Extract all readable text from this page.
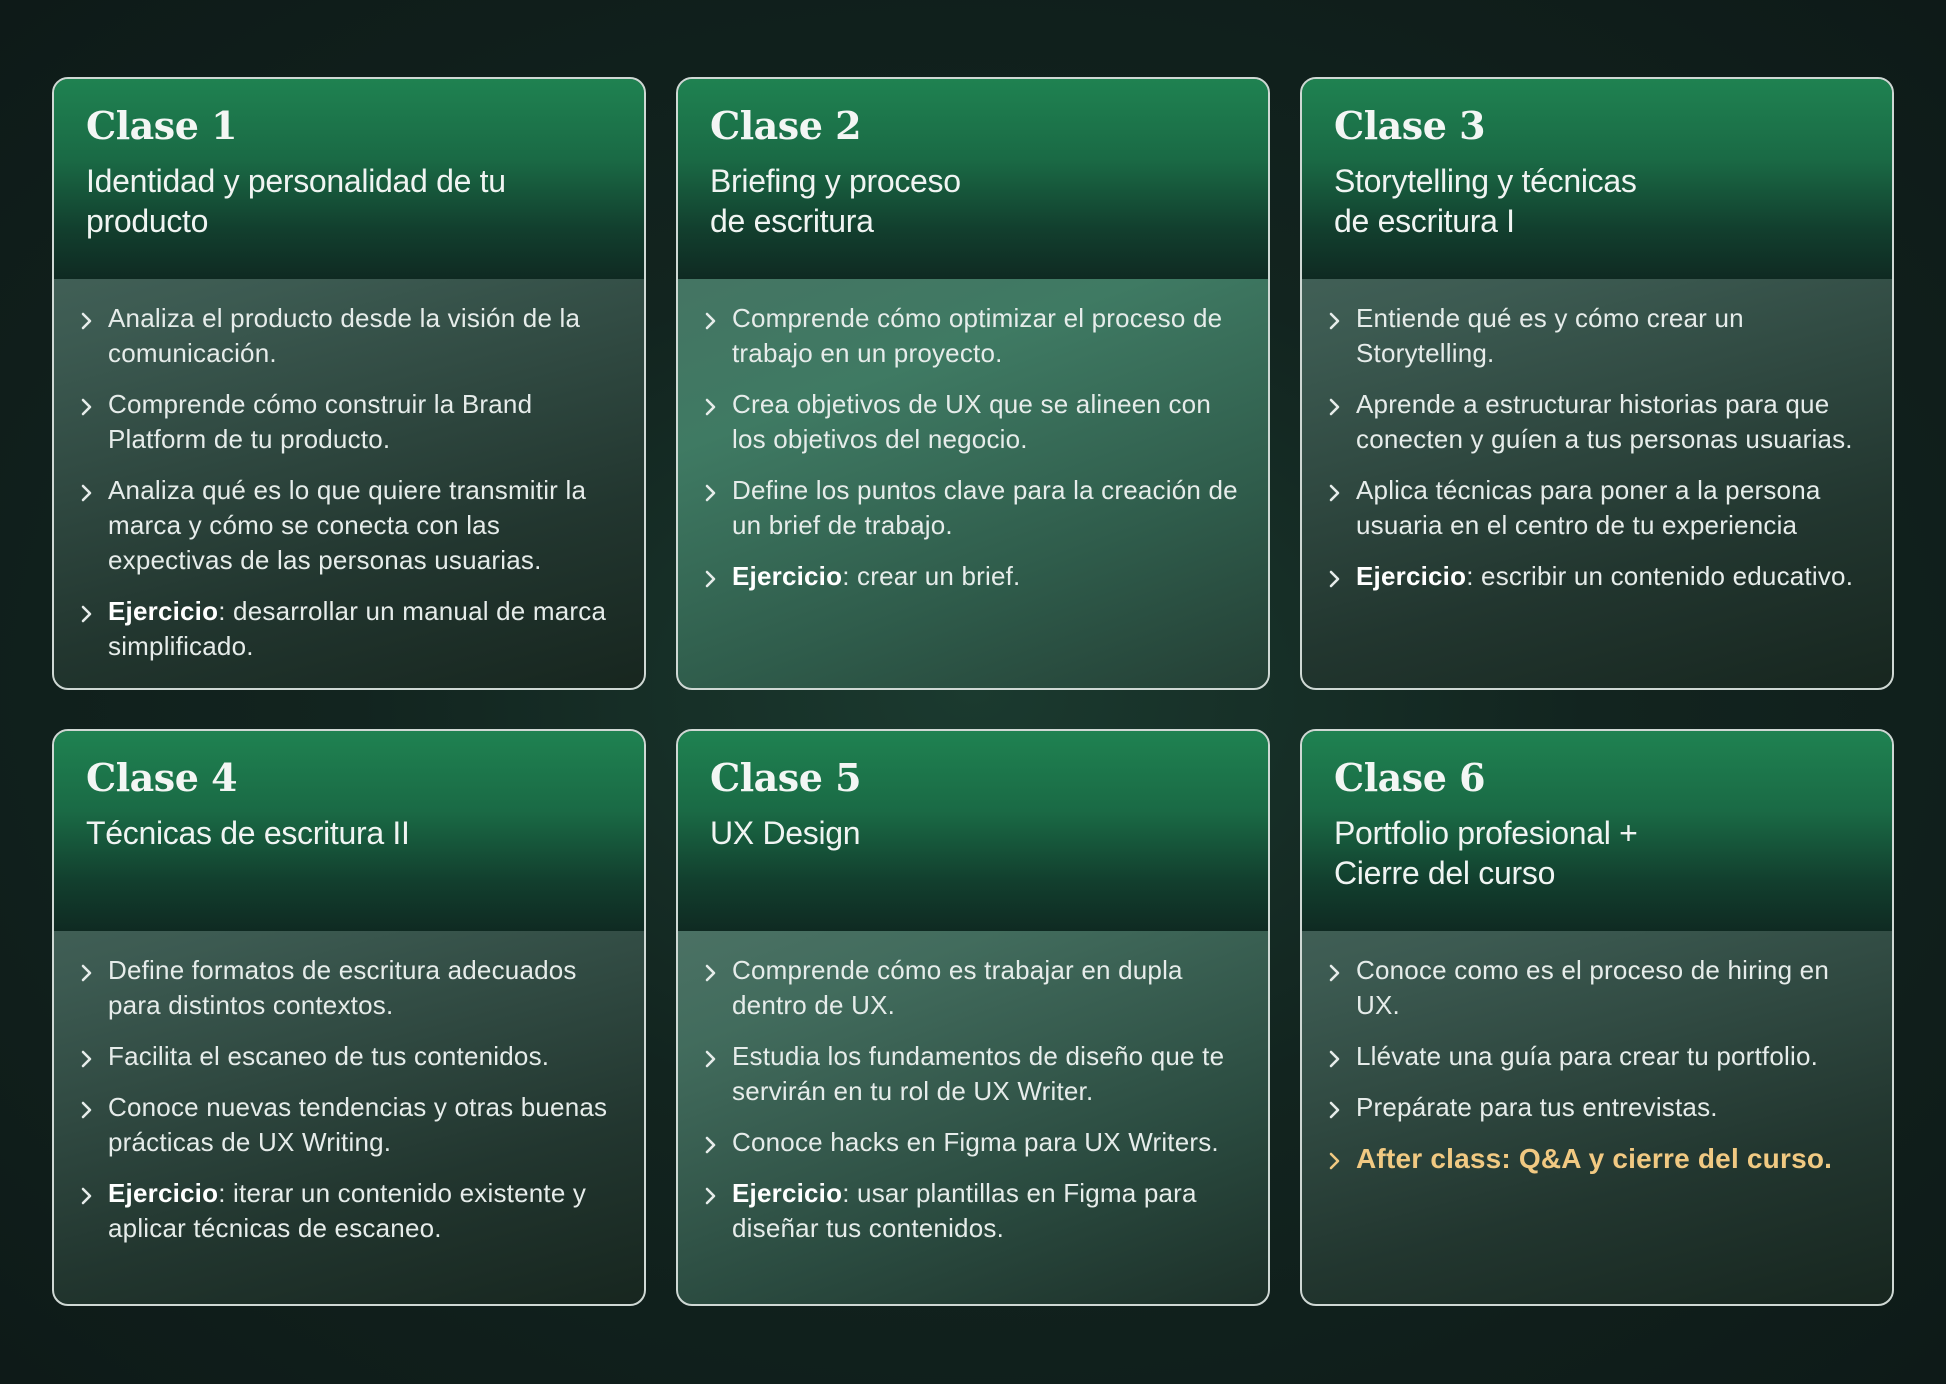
Clase 1
Identidad y personalidad de tu
producto
Analiza el producto desde la visión de la comunicación.
Comprende cómo construir la Brand Platform de tu producto.
Analiza qué es lo que quiere transmitir la marca y cómo se conecta con las expectivas de las personas usuarias.
Ejercicio: desarrollar un manual de marca simplificado.
Clase 2
Briefing y proceso
de escritura
Comprende cómo optimizar el proceso de trabajo en un proyecto.
Crea objetivos de UX que se alineen con los objetivos del negocio.
Define los puntos clave para la creación de un brief de trabajo.
Ejercicio: crear un brief.
Clase 3
Storytelling y técnicas
de escritura I
Entiende qué es y cómo crear un Storytelling.
Aprende a estructurar historias para que conecten y guíen a tus personas usuarias.
Aplica técnicas para poner a la persona usuaria en el centro de tu experiencia
Ejercicio: escribir un contenido educativo.
Clase 4
Técnicas de escritura II
Define formatos de escritura adecuados para distintos contextos.
Facilita el escaneo de tus contenidos.
Conoce nuevas tendencias y otras buenas prácticas de UX Writing.
Ejercicio: iterar un contenido existente y aplicar técnicas de escaneo.
Clase 5
UX Design
Comprende cómo es trabajar en dupla dentro de UX.
Estudia los fundamentos de diseño que te servirán en tu rol de UX Writer.
Conoce hacks en Figma para UX Writers.
Ejercicio: usar plantillas en Figma para diseñar tus contenidos.
Clase 6
Portfolio profesional +
Cierre del curso
Conoce como es el proceso de hiring en UX.
Llévate una guía para crear tu portfolio.
Prepárate para tus entrevistas.
After class: Q&A y cierre del curso.
